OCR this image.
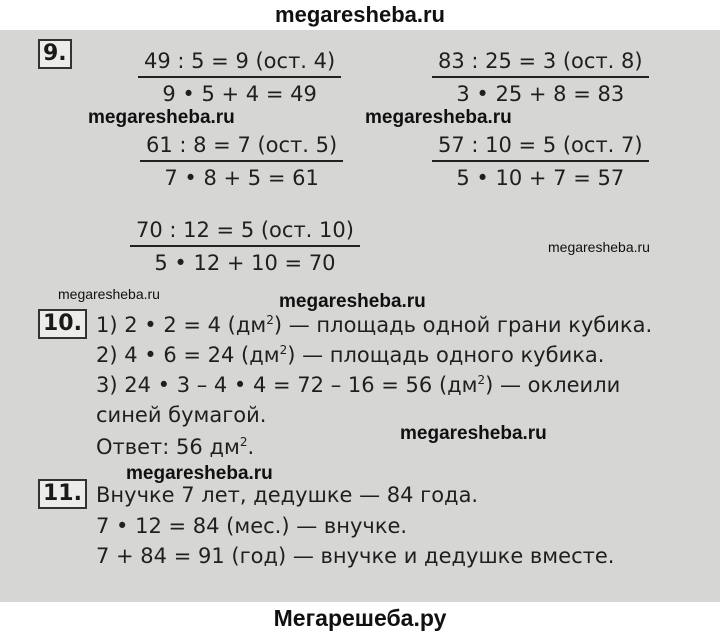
megaresheba.ru
9.	49 : 5 = 9 (ост. 4)
9 • 5 + 4 = 49
83 : 25 = 3 (ост. 8)
3 • 25 + 8 = 83
61 : 8 = 7 (ост. 5)
7 • 8 + 5 = 61
57 : 10 = 5 (ост. 7)
5 • 10 + 7 = 57
70 : 12 = 5 (ост. 10)
5 • 12 + 10 = 70
10. 1) 2 • 2 = 4 $(дм^2)$ — площадь одной грани кубика.
2) 4 • 6 = 24 $(дм^2)$ — площадь одного кубика.
3) 24 • 3 – 4 • 4 = 72 – 16 = 56 $(дм^2)$ — оклеили
синей бумагой.
Ответ: 56 $дм^2$.
11. Внучке 7 лет, дедушке — 84 года.
7 • 12 = 84 (мес.) — внучке.
7 + 84 = 91 (год) — внучке и дедушке вместе.
megaresheba.ru	megaresheba.ru
megaresheba.ru
megaresheba.ru	megaresheba.ru
megaresheba.ru
megaresheba.ru
Мегарешеба.ру
